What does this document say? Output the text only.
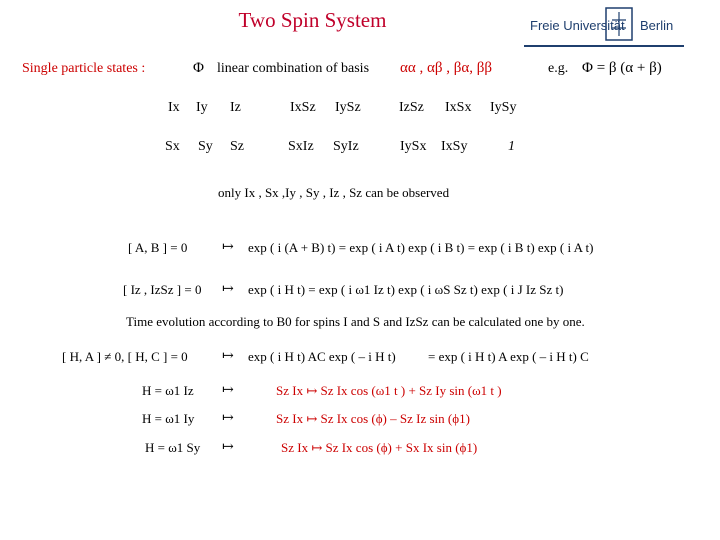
Two Spin System	Freie Universität Berlin
Single particle states :	Φ linear combination of basis αα , αβ , βα, ββ	e.g. Φ = β (α + β)
Ix Iy Iz	IxSz IySz	IzSz IxSx IySy
Sx Sy Sz	SxIz SyIz	IySx IxSy	1
only Ix , Sx ,Iy , Sy , Iz , Sz can be observed
[ A, B ] = 0 ↦ exp ( i (A + B) t) = exp ( i A t) exp ( i B t) = exp ( i B t) exp ( i A t)
[ Iz , IzSz ] = 0 ↦ exp ( i H t) = exp ( i ω1 Iz t) exp ( i ωS Sz t) exp ( i J Iz Sz t)
Time evolution according to B0 for spins I and S and IzSz can be calculated one by one.
[ H, A ] ≠ 0, [ H, C ] = 0 ↦ exp ( i H t) AC exp ( – i H t) = exp ( i H t) A exp ( – i H t) C
H = ω1 Iz ↦	Sz Ix ↦ Sz Ix cos (ω1 t ) + Sz Iy sin (ω1 t )
H = ω1 Iy ↦	Sz Ix ↦ Sz Ix cos (ϕ) – Sz Iz sin (ϕ1)
H = ω1 Sy ↦	Sz Ix ↦ Sz Ix cos (ϕ) + Sx Ix sin (ϕ1)
